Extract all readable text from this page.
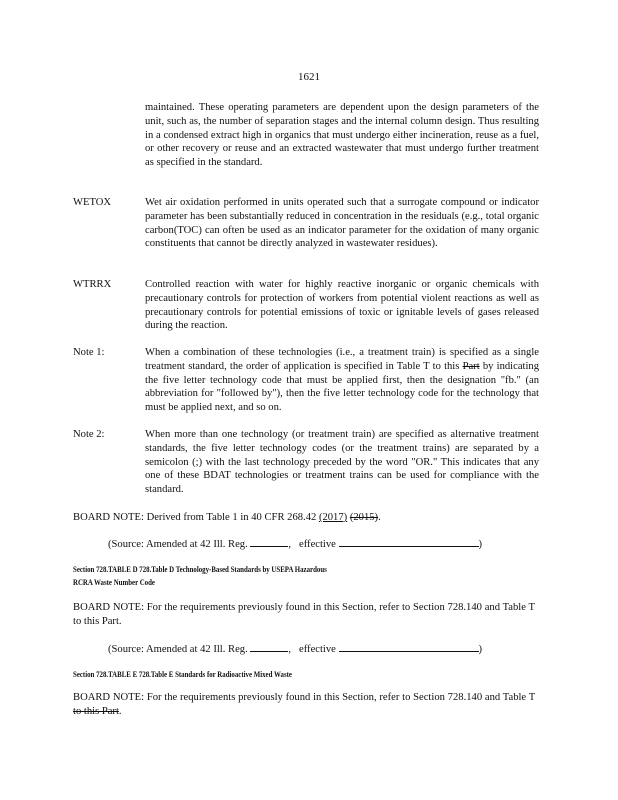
1621
maintained. These operating parameters are dependent upon the design parameters of the unit, such as, the number of separation stages and the internal column design. Thus resulting in a condensed extract high in organics that must undergo either incineration, reuse as a fuel, or other recovery or reuse and an extracted wastewater that must undergo further treatment as specified in the standard.
WETOX	Wet air oxidation performed in units operated such that a surrogate compound or indicator parameter has been substantially reduced in concentration in the residuals (e.g., total organic carbon(TOC) can often be used as an indicator parameter for the oxidation of many organic constituents that cannot be directly analyzed in wastewater residues).
WTRRX	Controlled reaction with water for highly reactive inorganic or organic chemicals with precautionary controls for protection of workers from potential violent reactions as well as precautionary controls for potential emissions of toxic or ignitable levels of gases released during the reaction.
Note 1:	When a combination of these technologies (i.e., a treatment train) is specified as a single treatment standard, the order of application is specified in Table T to this Part by indicating the five letter technology code that must be applied first, then the designation "fb." (an abbreviation for "followed by"), then the five letter technology code for the technology that must be applied next, and so on.
Note 2:	When more than one technology (or treatment train) are specified as alternative treatment standards, the five letter technology codes (or the treatment trains) are separated by a semicolon (;) with the last technology preceded by the word "OR." This indicates that any one of these BDAT technologies or treatment trains can be used for compliance with the standard.
BOARD NOTE: Derived from Table 1 in 40 CFR 268.42 (2017) (2015).
(Source: Amended at 42 Ill. Reg.	, effective	)
Section 728.TABLE D 728.Table D Technology-Based Standards by USEPA Hazardous
RCRA Waste Number Code
BOARD NOTE: For the requirements previously found in this Section, refer to Section 728.140 and Table T to this Part.
(Source: Amended at 42 Ill. Reg.	, effective	)
Section 728.TABLE E 728.Table E Standards for Radioactive Mixed Waste
BOARD NOTE: For the requirements previously found in this Section, refer to Section 728.140 and Table T to this Part.
